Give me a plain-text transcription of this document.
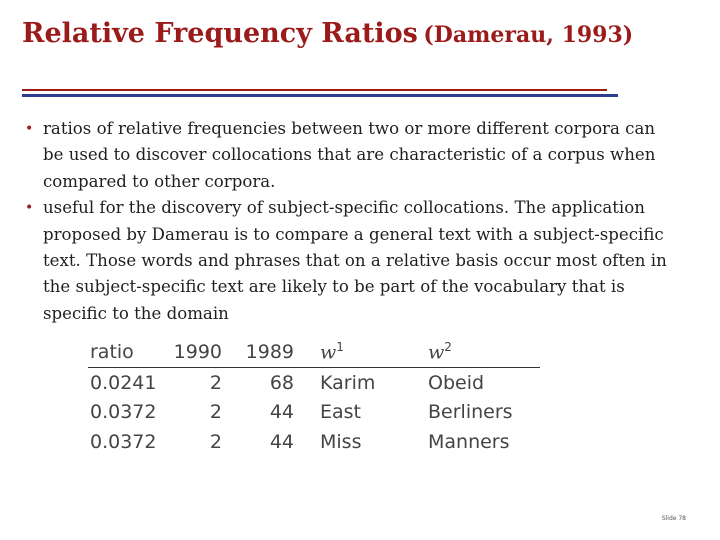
Relative Frequency Ratios (Damerau, 1993)
• ratios of relative frequencies between two or more different corpora can be used to discover collocations that are characteristic of a corpus when compared to other corpora.
• useful for the discovery of subject-specific collocations. The application proposed by Damerau is to compare a general text with a subject-specific text. Those words and phrases that on a relative basis occur most often in the subject-specific text are likely to be part of the vocabulary that is specific to the domain
ratio	1990	1989	$w^1$	$w^2$
0.0241	2	68	Karim	Obeid
0.0372	2	44	East	Berliners
0.0372	2	44	Miss	Manners
Slide 78
